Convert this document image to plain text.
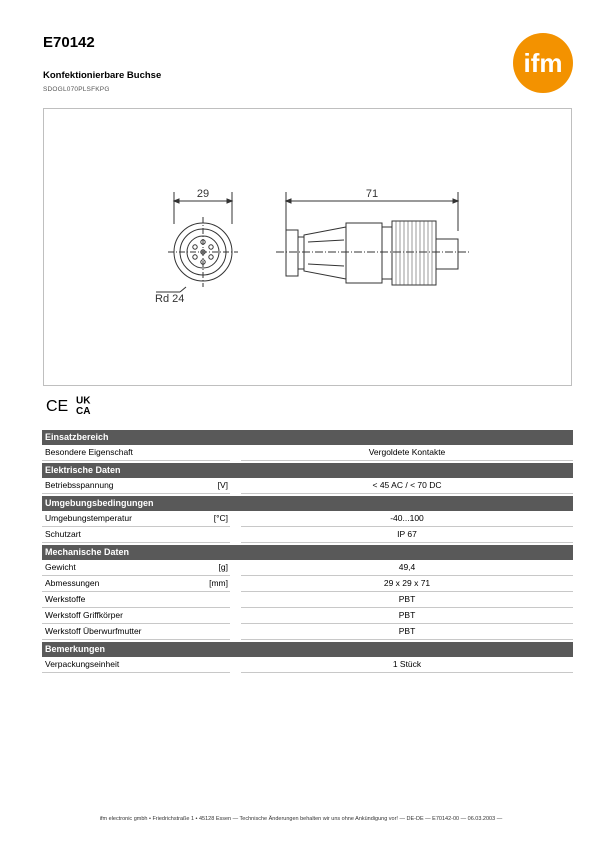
E70142
Konfektionierbare Buchse
SDOGL070PLSFKPG
ifm
29
Rd 24
71
CE UK
CA
Einsatzbereich
Besondere Eigenschaft	Vergoldete Kontakte
Elektrische Daten
Betriebsspannung	[V]	< 45 AC / < 70 DC
Umgebungsbedingungen
Umgebungstemperatur	[°C]	-40...100
Schutzart	IP 67
Mechanische Daten
Gewicht	[g]	49,4
Abmessungen	[mm]	29 x 29 x 71
Werkstoffe	PBT
Werkstoff Griffkörper	PBT
Werkstoff Überwurfmutter	PBT
Bemerkungen
Verpackungseinheit	1 Stück
ifm electronic gmbh • Friedrichstraße 1 • 45128 Essen — Technische Änderungen behalten wir uns ohne Ankündigung vor! — DE-DE — E70142-00 — 06.03.2003 —
